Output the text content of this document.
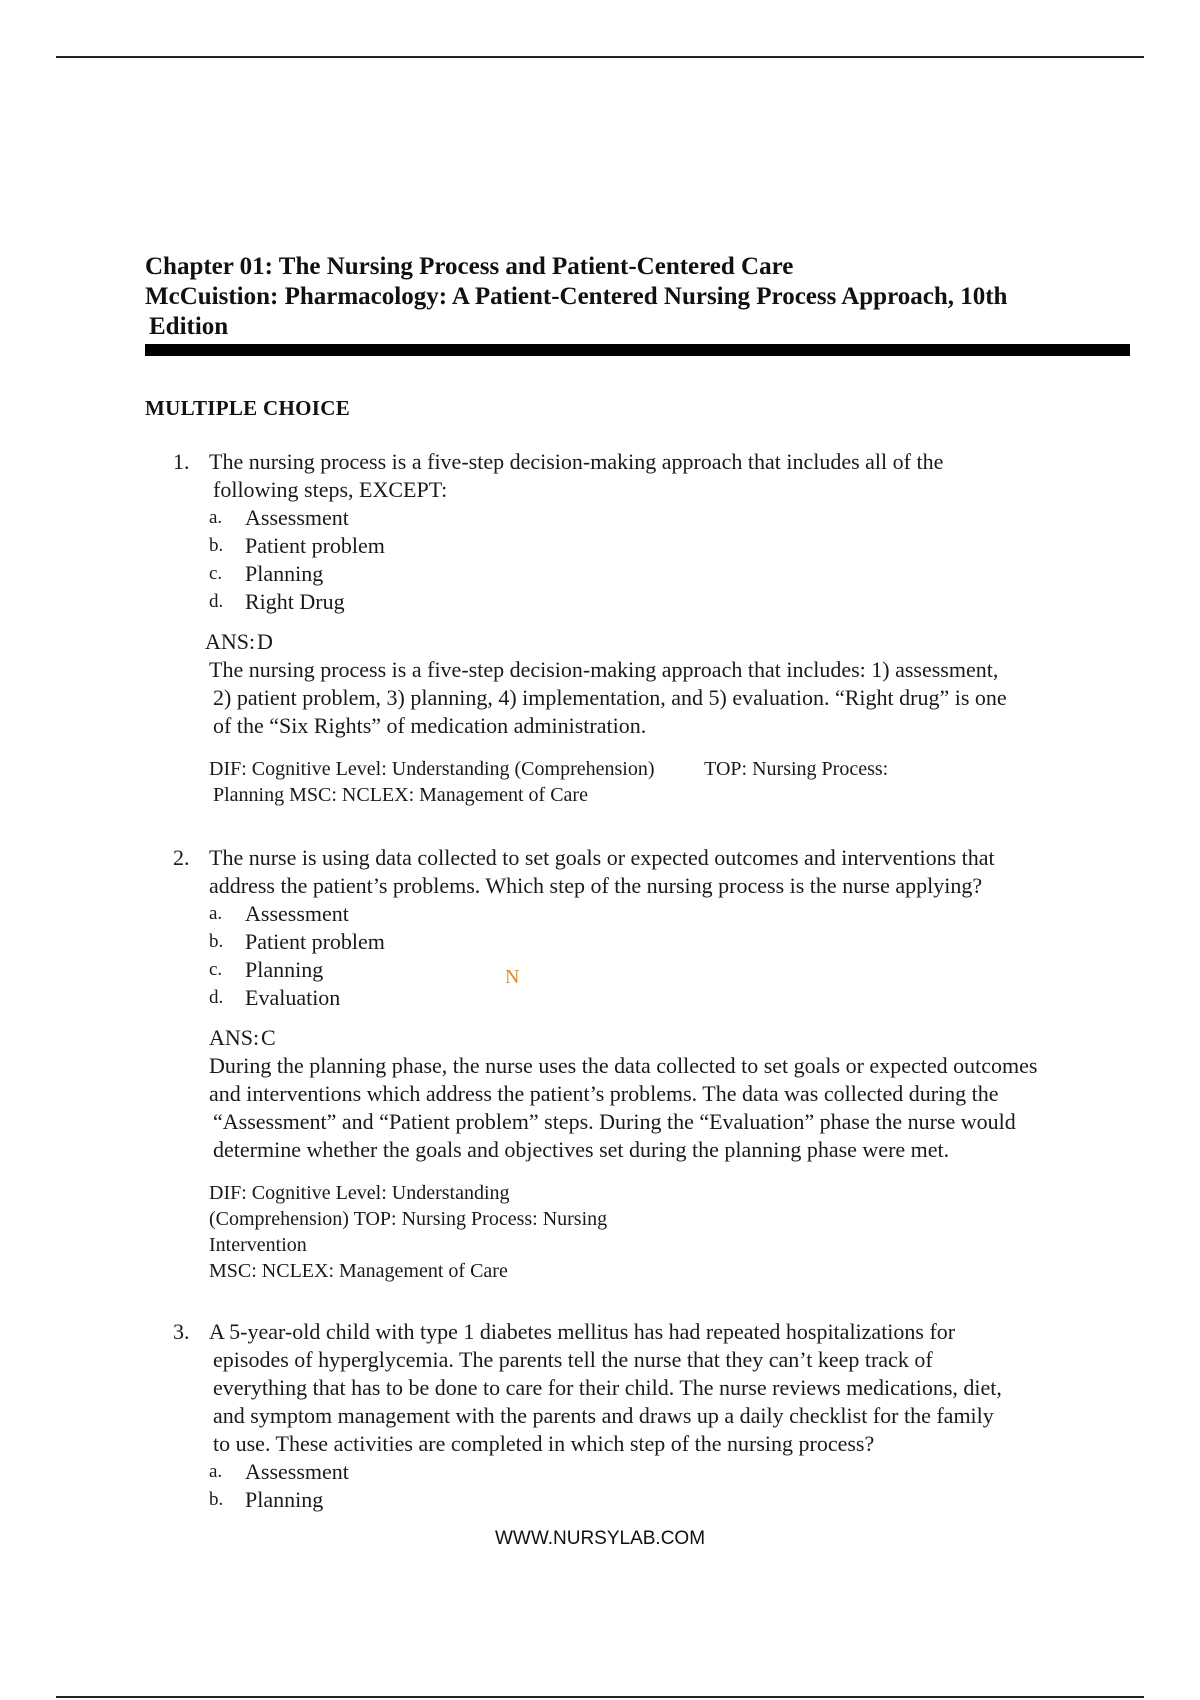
Chapter 01: The Nursing Process and Patient-Centered Care
McCuistion: Pharmacology: A Patient-Centered Nursing Process Approach, 10th
Edition
MULTIPLE CHOICE
1. The nursing process is a five-step decision-making approach that includes all of the
following steps, EXCEPT:
a. Assessment
b. Patient problem
c. Planning
d. Right Drug
ANS:D
The nursing process is a five-step decision-making approach that includes: 1) assessment,
2) patient problem, 3) planning, 4) implementation, and 5) evaluation. “Right drug” is one
of the “Six Rights” of medication administration.
DIF: Cognitive Level: Understanding (Comprehension)          TOP: Nursing Process:
Planning MSC: NCLEX: Management of Care
2. The nurse is using data collected to set goals or expected outcomes and interventions that
address the patient’s problems. Which step of the nursing process is the nurse applying?
a. Assessment
b. Patient problem
c. Planning
d. Evaluation
ANS:C
During the planning phase, the nurse uses the data collected to set goals or expected outcomes
and interventions which address the patient’s problems. The data was collected during the
“Assessment” and “Patient problem” steps. During the “Evaluation” phase the nurse would
determine whether the goals and objectives set during the planning phase were met.
DIF: Cognitive Level: Understanding
(Comprehension) TOP: Nursing Process: Nursing
Intervention
MSC: NCLEX: Management of Care
3. A 5-year-old child with type 1 diabetes mellitus has had repeated hospitalizations for
episodes of hyperglycemia. The parents tell the nurse that they can’t keep track of
everything that has to be done to care for their child. The nurse reviews medications, diet,
and symptom management with the parents and draws up a daily checklist for the family
to use. These activities are completed in which step of the nursing process?
a. Assessment
b. Planning
N
WWW.NURSYLAB.COM
